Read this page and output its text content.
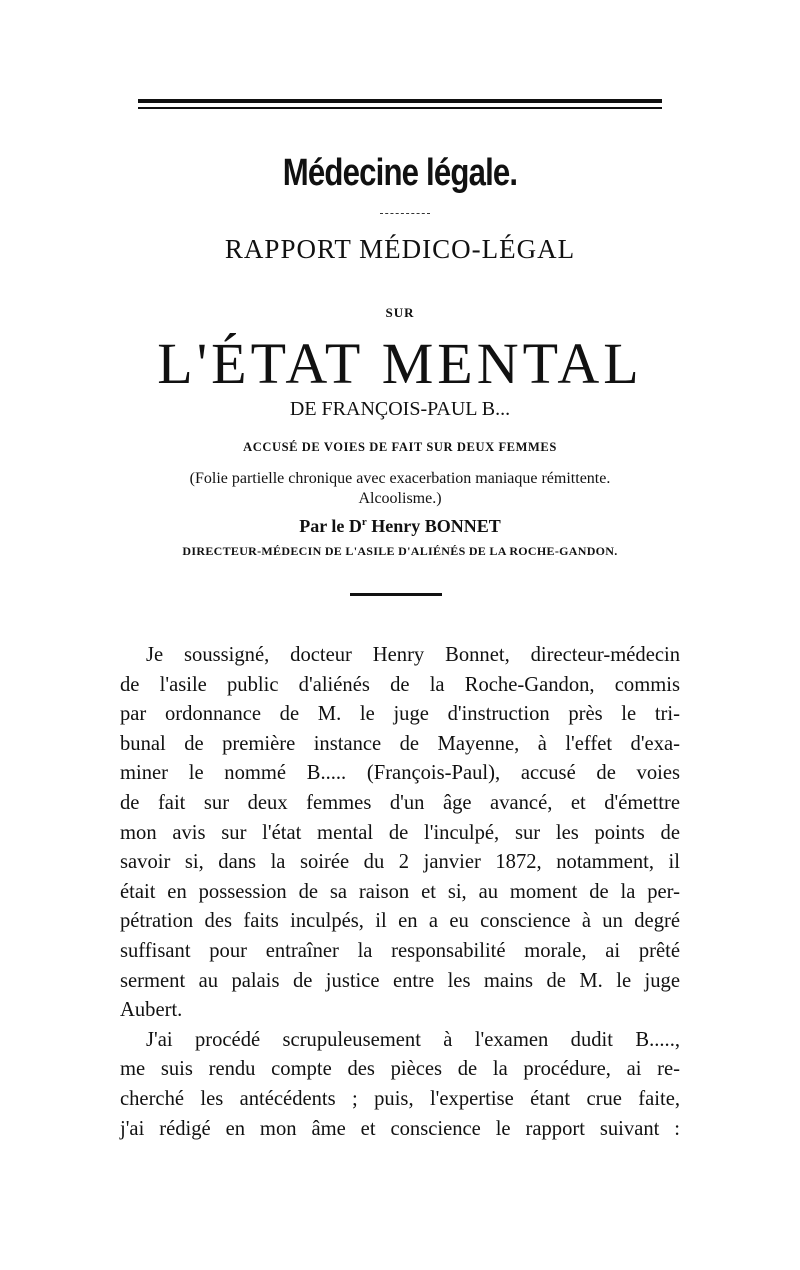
Médecine légale.
RAPPORT MÉDICO-LÉGAL
SUR
L'ÉTAT MENTAL
DE FRANÇOIS-PAUL B...
ACCUSÉ DE VOIES DE FAIT SUR DEUX FEMMES
(Folie partielle chronique avec exacerbation maniaque rémittente.
Alcoolisme.)
Par le $D^r$ Henry BONNET
DIRECTEUR-MÉDECIN DE L'ASILE D'ALIÉNÉS DE LA ROCHE-GANDON.
Je soussigné, docteur Henry Bonnet, directeur-médecin
de l'asile public d'aliénés de la Roche-Gandon, commis
par ordonnance de M. le juge d'instruction près le tri-
bunal de première instance de Mayenne, à l'effet d'exa-
miner le nommé B..... (François-Paul), accusé de voies
de fait sur deux femmes d'un âge avancé, et d'émettre
mon avis sur l'état mental de l'inculpé, sur les points de
savoir si, dans la soirée du 2 janvier 1872, notamment, il
était en possession de sa raison et si, au moment de la per-
pétration des faits inculpés, il en a eu conscience à un degré
suffisant pour entraîner la responsabilité morale, ai prêté
serment au palais de justice entre les mains de M. le juge
Aubert.
J'ai procédé scrupuleusement à l'examen dudit B.....,
me suis rendu compte des pièces de la procédure, ai re-
cherché les antécédents ; puis, l'expertise étant crue faite,
j'ai rédigé en mon âme et conscience le rapport suivant :
